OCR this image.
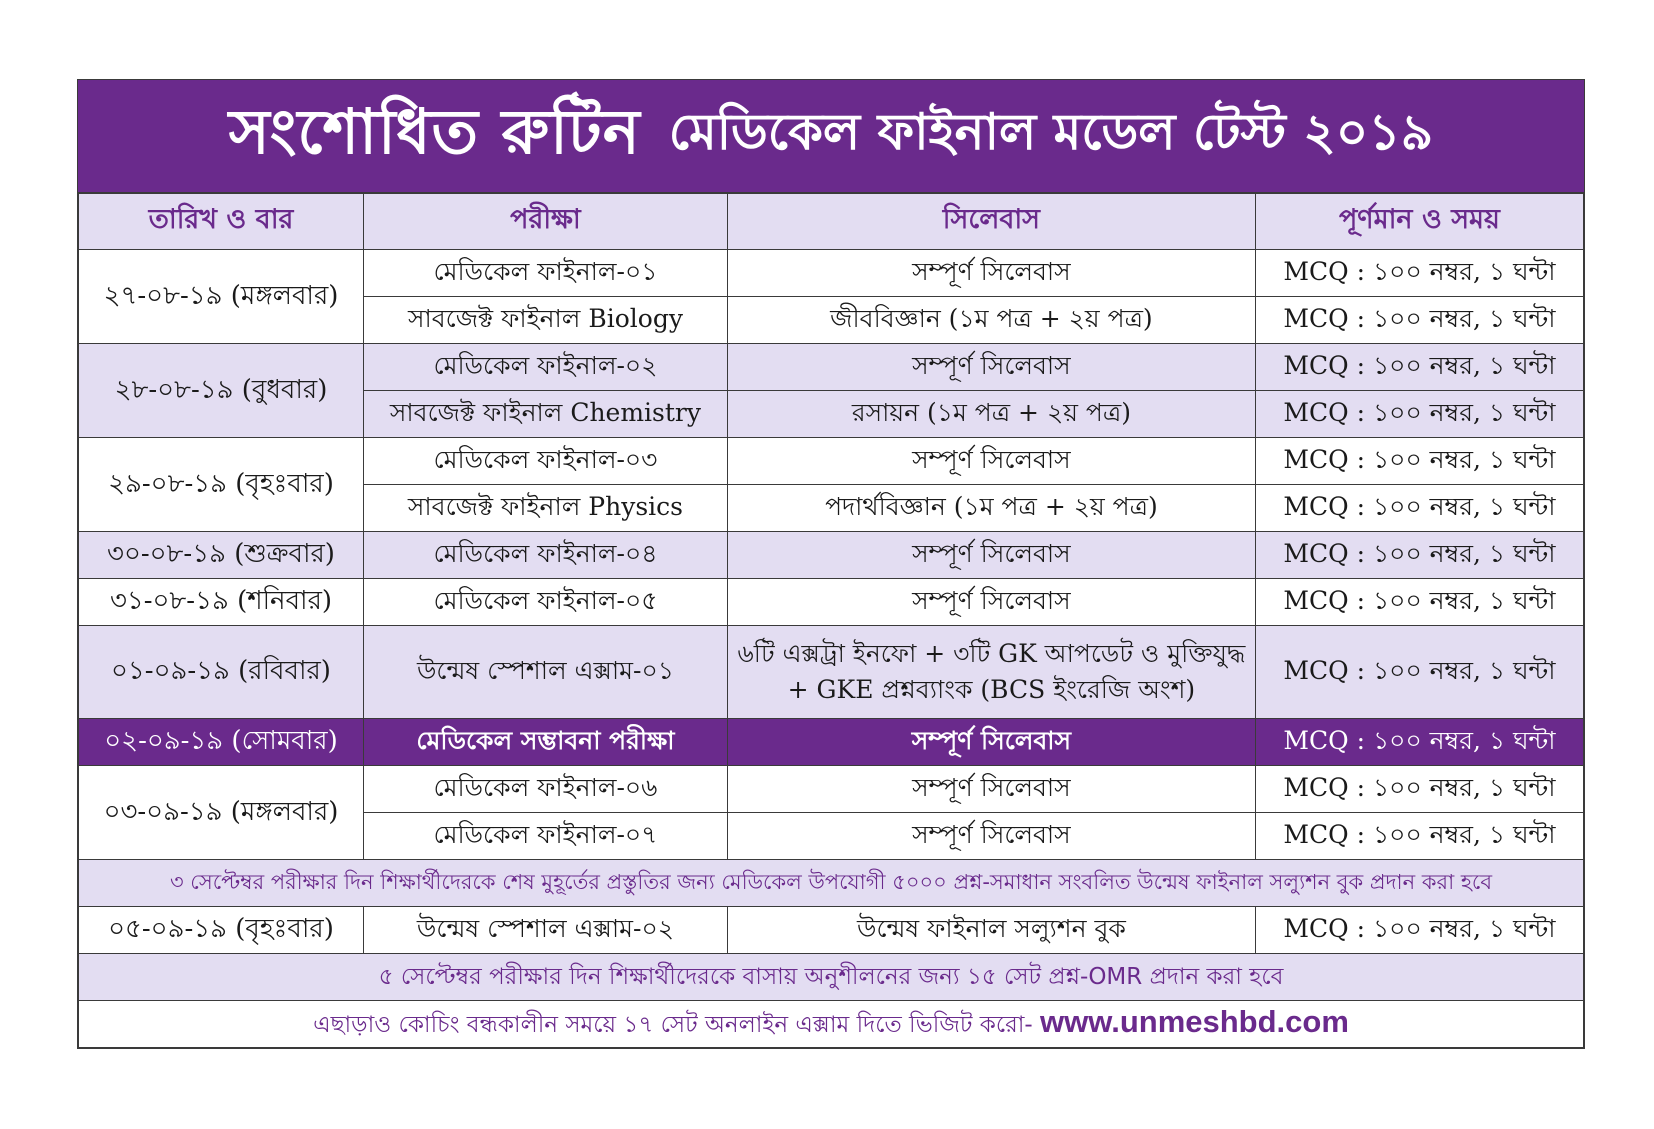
সংশোধিত রুটিন মেডিকেল ফাইনাল মডেল টেস্ট ২০১৯
তারিখ ও বার	পরীক্ষা	সিলেবাস	পূর্ণমান ও সময়
২৭-০৮-১৯ (মঙ্গলবার)	মেডিকেল ফাইনাল-০১	সম্পূর্ণ সিলেবাস	MCQ : ১০০ নম্বর, ১ ঘন্টা
	সাবজেক্ট ফাইনাল Biology	জীববিজ্ঞান (১ম পত্র + ২য় পত্র)	MCQ : ১০০ নম্বর, ১ ঘন্টা
২৮-০৮-১৯ (বুধবার)	মেডিকেল ফাইনাল-০২	সম্পূর্ণ সিলেবাস	MCQ : ১০০ নম্বর, ১ ঘন্টা
	সাবজেক্ট ফাইনাল Chemistry	রসায়ন (১ম পত্র + ২য় পত্র)	MCQ : ১০০ নম্বর, ১ ঘন্টা
২৯-০৮-১৯ (বৃহঃবার)	মেডিকেল ফাইনাল-০৩	সম্পূর্ণ সিলেবাস	MCQ : ১০০ নম্বর, ১ ঘন্টা
	সাবজেক্ট ফাইনাল Physics	পদার্থবিজ্ঞান (১ম পত্র + ২য় পত্র)	MCQ : ১০০ নম্বর, ১ ঘন্টা
৩০-০৮-১৯ (শুক্রবার)	মেডিকেল ফাইনাল-০৪	সম্পূর্ণ সিলেবাস	MCQ : ১০০ নম্বর, ১ ঘন্টা
৩১-০৮-১৯ (শনিবার)	মেডিকেল ফাইনাল-০৫	সম্পূর্ণ সিলেবাস	MCQ : ১০০ নম্বর, ১ ঘন্টা
০১-০৯-১৯ (রবিবার)	উন্মেষ স্পেশাল এক্সাম-০১	৬টি এক্সট্রা ইনফো + ৩টি GK আপডেট ও মুক্তিযুদ্ধ
+ GKE প্রশ্নব্যাংক (BCS ইংরেজি অংশ)	MCQ : ১০০ নম্বর, ১ ঘন্টা
০২-০৯-১৯ (সোমবার)	মেডিকেল সম্ভাবনা পরীক্ষা	সম্পূর্ণ সিলেবাস	MCQ : ১০০ নম্বর, ১ ঘন্টা
০৩-০৯-১৯ (মঙ্গলবার)	মেডিকেল ফাইনাল-০৬	সম্পূর্ণ সিলেবাস	MCQ : ১০০ নম্বর, ১ ঘন্টা
	মেডিকেল ফাইনাল-০৭	সম্পূর্ণ সিলেবাস	MCQ : ১০০ নম্বর, ১ ঘন্টা
৩ সেপ্টেম্বর পরীক্ষার দিন শিক্ষার্থীদেরকে শেষ মুহূর্তের প্রস্তুতির জন্য মেডিকেল উপযোগী ৫০০০ প্রশ্ন-সমাধান সংবলিত উন্মেষ ফাইনাল সল্যুশন বুক প্রদান করা হবে			
০৫-০৯-১৯ (বৃহঃবার)	উন্মেষ স্পেশাল এক্সাম-০২	উন্মেষ ফাইনাল সল্যুশন বুক	MCQ : ১০০ নম্বর, ১ ঘন্টা
৫ সেপ্টেম্বর পরীক্ষার দিন শিক্ষার্থীদেরকে বাসায় অনুশীলনের জন্য ১৫ সেট প্রশ্ন-OMR প্রদান করা হবে			
এছাড়াও কোচিং বন্ধকালীন সময়ে ১৭ সেট অনলাইন এক্সাম দিতে ভিজিট করো- www.unmeshbd.com			
